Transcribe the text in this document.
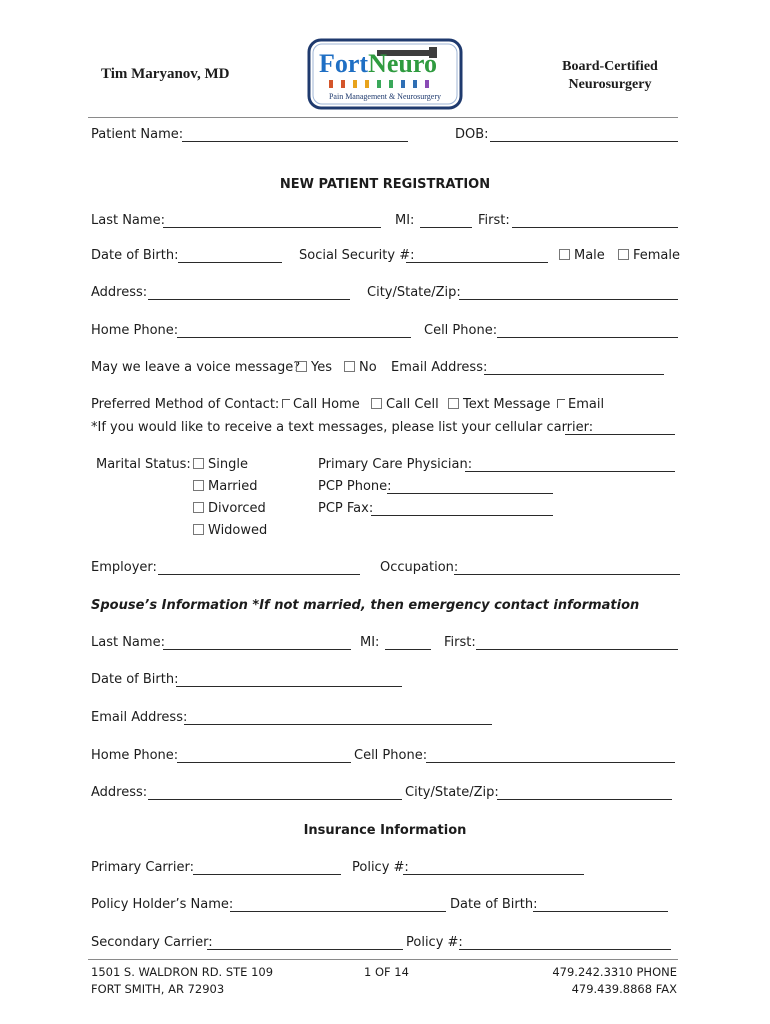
Tim Maryanov, MD	Board-Certified
Neurosurgery
FortNeuro
Pain Management & Neurosurgery
Patient Name:	DOB:
NEW PATIENT REGISTRATION
Last Name:	MI:	First:
Date of Birth:	Social Security #:	Male	Female
Address:	City/State/Zip:
Home Phone:	Cell Phone:
May we leave a voice message? Yes	No Email Address:
Preferred Method of Contact:	Call Home	Call Cell	Text Message	Email
*If you would like to receive a text messages, please list your cellular carrier:
Marital Status:	Single
Married
Divorced
Widowed
Primary Care Physician:
PCP Phone:
PCP Fax:
Employer:	Occupation:
Spouse’s Information *If not married, then emergency contact information
Last Name:	MI:	First:
Date of Birth:
Email Address:
Home Phone:	Cell Phone:
Address:	City/State/Zip:
Insurance Information
Primary Carrier:	Policy #:
Policy Holder’s Name:	Date of Birth:
Secondary Carrier:	Policy #:
1501 S. WALDRON RD. STE 109
FORT SMITH, AR 72903
1 OF 14	479.242.3310 PHONE
479.439.8868 FAX
